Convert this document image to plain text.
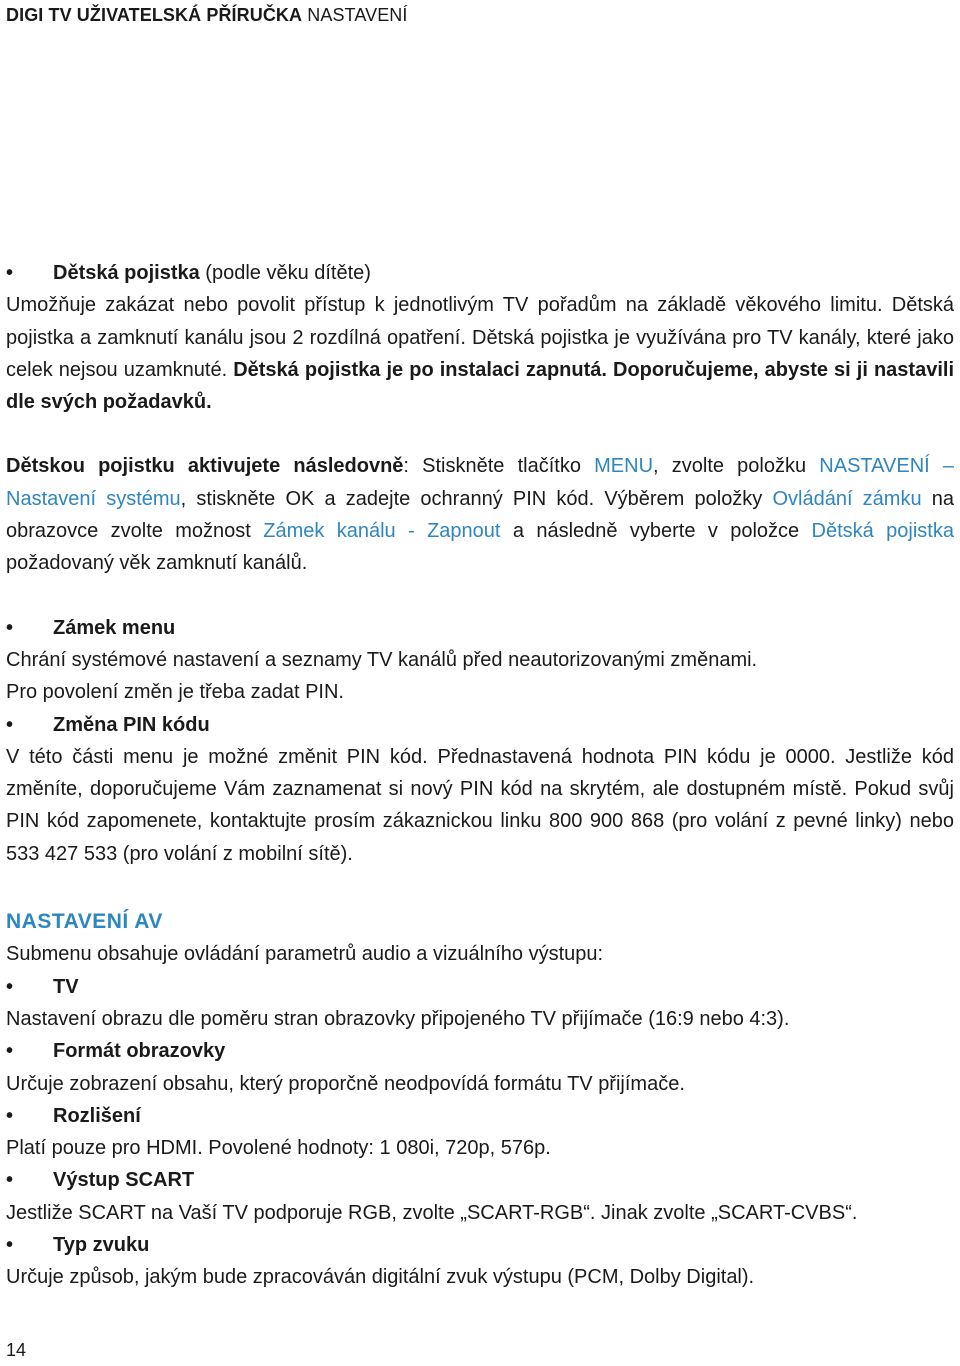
DIGI TV UŽIVATELSKÁ PŘÍRUČKA NASTAVENÍ
• Dětská pojistka (podle věku dítěte)

Umožňuje zakázat nebo povolit přístup k jednotlivým TV pořadům na základě věkového limitu. Dětská pojistka a zamknutí kanálu jsou 2 rozdílná opatření. Dětská pojistka je využívána pro TV kanály, které jako celek nejsou uzamknuté. Dětská pojistka je po instalaci zapnutá. Doporučujeme, abyste si ji nastavili dle svých požadavků.

Dětskou pojistku aktivujete následovně: Stiskněte tlačítko MENU, zvolte položku NASTAVENÍ – Nastavení systému, stiskněte OK a zadejte ochranný PIN kód. Výběrem položky Ovládání zámku na obrazovce zvolte možnost Zámek kanálu - Zapnout a následně vyberte v položce Dětská pojistka požadovaný věk zamknutí kanálů.

• Zámek menu

Chrání systémové nastavení a seznamy TV kanálů před neautorizovanými změnami.

Pro povolení změn je třeba zadat PIN.

• Změna PIN kódu

V této části menu je možné změnit PIN kód. Přednastavená hodnota PIN kódu je 0000. Jestliže kód změníte, doporučujeme Vám zaznamenat si nový PIN kód na skrytém, ale dostupném místě. Pokud svůj PIN kód zapomenete, kontaktujte prosím zákaznickou linku 800 900 868 (pro volání z pevné linky) nebo 533 427 533 (pro volání z mobilní sítě).

NASTAVENÍ AV

Submenu obsahuje ovládání parametrů audio a vizuálního výstupu:

• TV

Nastavení obrazu dle poměru stran obrazovky připojeného TV přijímače (16:9 nebo 4:3).

• Formát obrazovky

Určuje zobrazení obsahu, který proporčně neodpovídá formátu TV přijímače.

• Rozlišení

Platí pouze pro HDMI. Povolené hodnoty: 1 080i, 720p, 576p.

• Výstup SCART

Jestliže SCART na Vaší TV podporuje RGB, zvolte „SCART-RGB“. Jinak zvolte „SCART-CVBS“.

• Typ zvuku

Určuje způsob, jakým bude zpracováván digitální zvuk výstupu (PCM, Dolby Digital).

14
